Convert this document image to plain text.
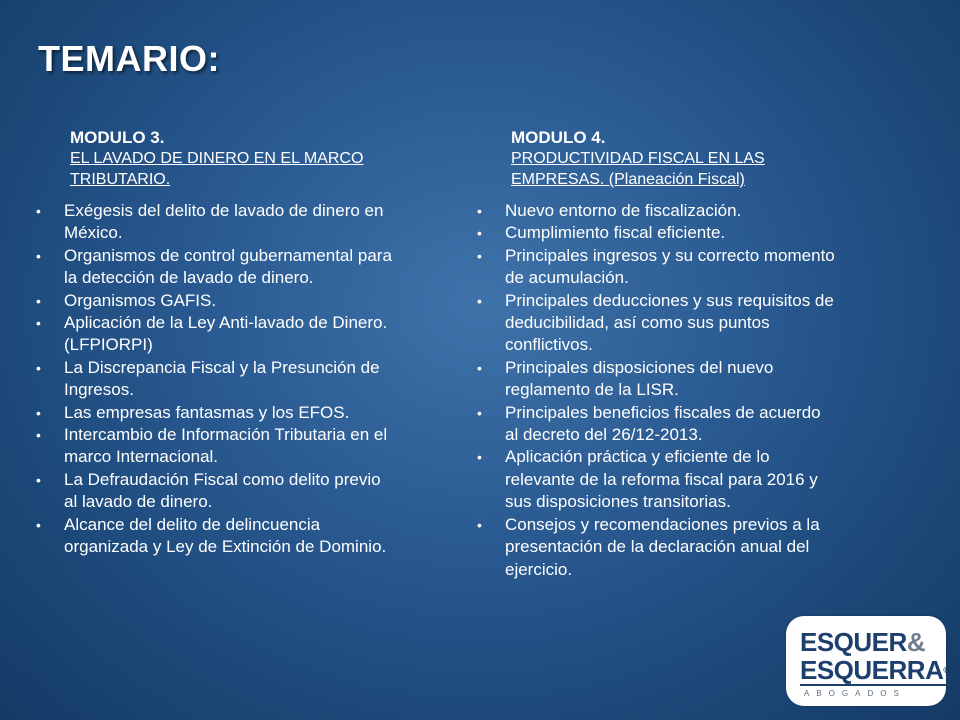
TEMARIO:

MODULO 3.

EL LAVADO DE DINERO EN EL MARCO TRIBUTARIO.

• Exégesis del delito de lavado de dinero en México.
• Organismos de control gubernamental para la detección de lavado de dinero.
• Organismos GAFIS.
• Aplicación de la Ley Anti-lavado de Dinero. (LFPIORPI)
• La Discrepancia Fiscal y la Presunción de Ingresos.
• Las empresas fantasmas y los EFOS.
• Intercambio de Información Tributaria en el marco Internacional.
• La Defraudación Fiscal como delito previo al lavado de dinero.
• Alcance del delito de delincuencia organizada y Ley de Extinción de Dominio.

MODULO 4.

PRODUCTIVIDAD FISCAL EN LAS EMPRESAS. (Planeación Fiscal)

• Nuevo entorno de fiscalización.
• Cumplimiento fiscal eficiente.
• Principales ingresos y su correcto momento de acumulación.
• Principales deducciones y sus requisitos de deducibilidad, así como sus puntos conflictivos.
• Principales disposiciones del nuevo reglamento de la LISR.
• Principales beneficios fiscales de acuerdo al decreto del 26/12-2013.
• Aplicación práctica y eficiente de lo relevante de la reforma fiscal para 2016 y sus disposiciones transitorias.
• Consejos y recomendaciones previos a la presentación de la declaración anual del ejercicio.
ESQUER&
ESQUERRA®
ABOGADOS
